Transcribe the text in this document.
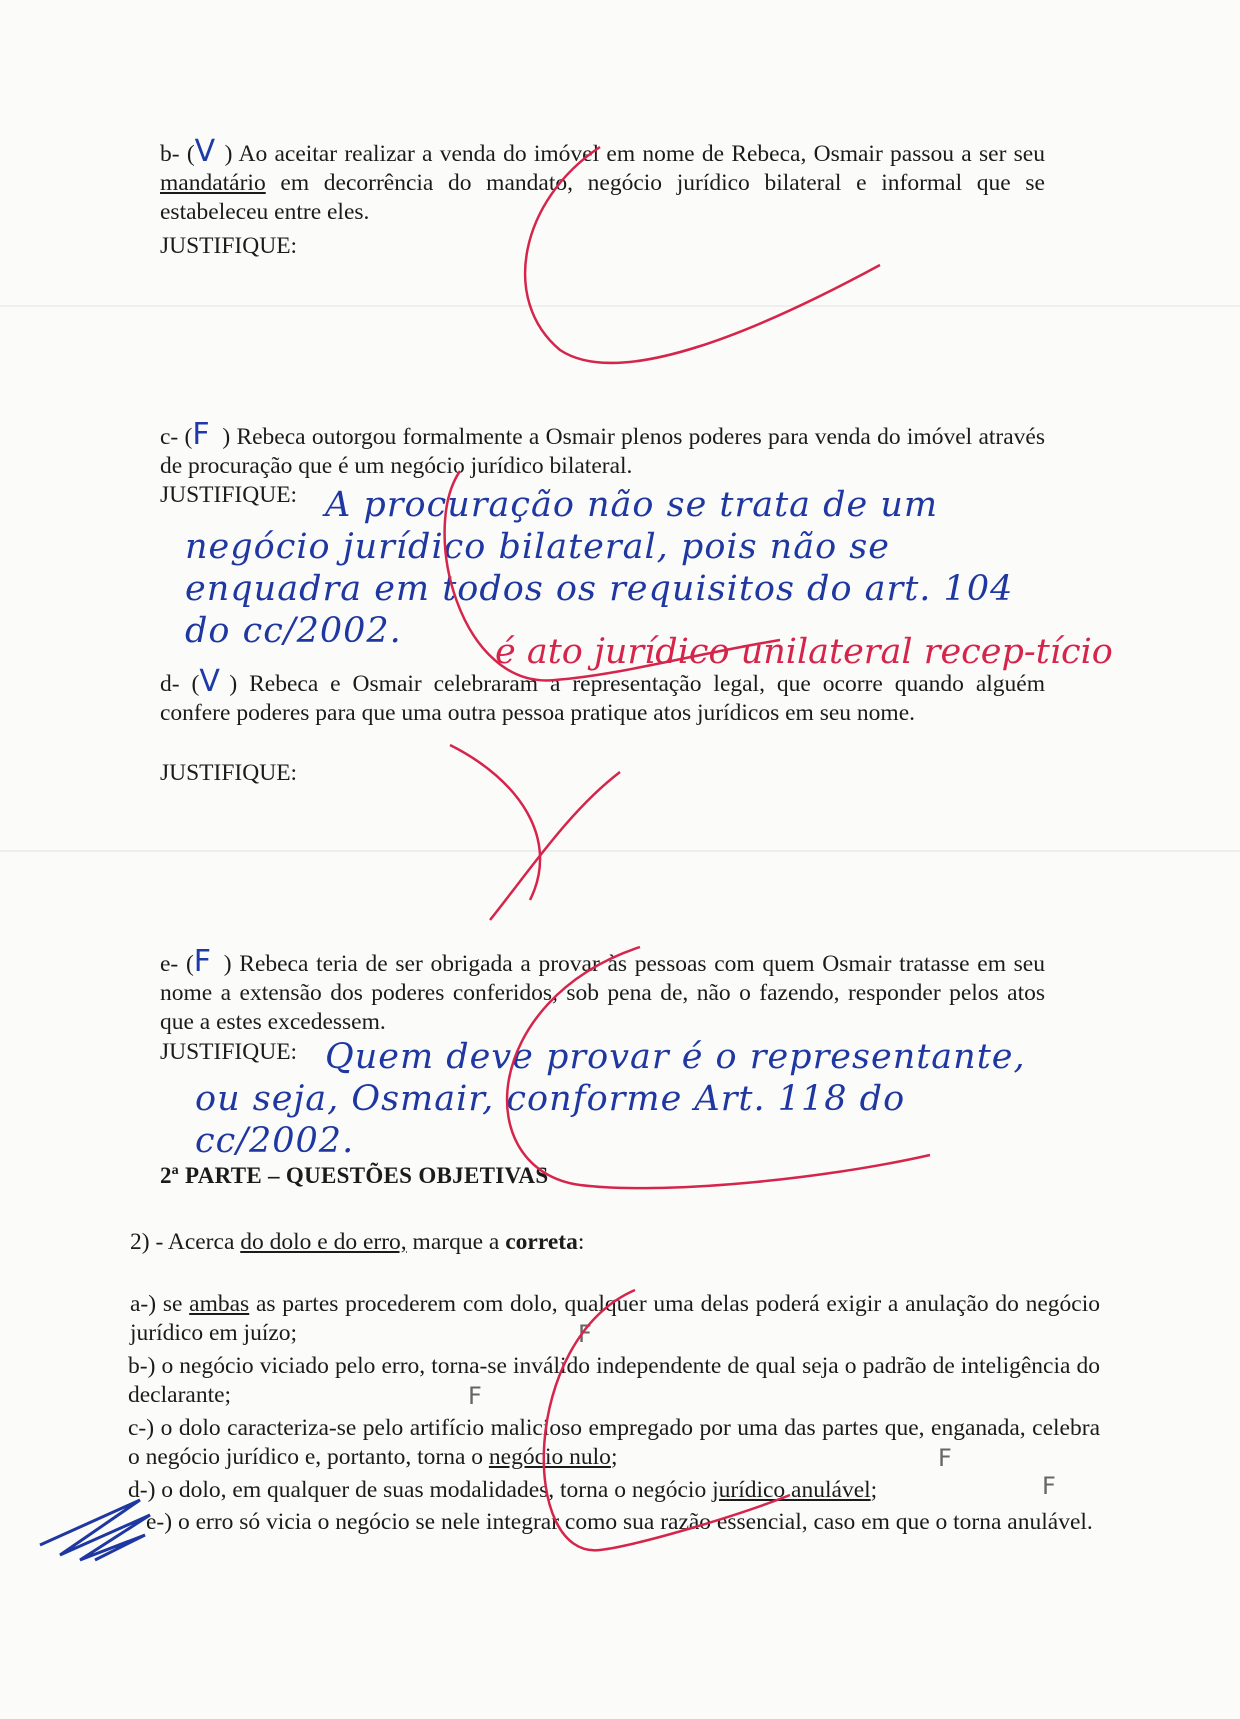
b- (V ) Ao aceitar realizar a venda do imóvel em nome de Rebeca, Osmair passou a ser seu mandatário em decorrência do mandato, negócio jurídico bilateral e informal que se estabeleceu entre eles.

JUSTIFIQUE:

c- (F ) Rebeca outorgou formalmente a Osmair plenos poderes para venda do imóvel através de procuração que é um negócio jurídico bilateral.

JUSTIFIQUE: A procuração não se trata de um negócio jurídico bilateral, pois não se enquadra em todos os requisitos do art. 104 do cc/2002.

é ato jurídico unilateral recep-tício

d- (V ) Rebeca e Osmair celebraram a representação legal, que ocorre quando alguém confere poderes para que uma outra pessoa pratique atos jurídicos em seu nome.

JUSTIFIQUE:

e- (F ) Rebeca teria de ser obrigada a provar às pessoas com quem Osmair tratasse em seu nome a extensão dos poderes conferidos, sob pena de, não o fazendo, responder pelos atos que a estes excedessem.

JUSTIFIQUE: Quem deve provar é o representante, ou seja, Osmair, conforme Art. 118 do cc/2002.

2ª PARTE – QUESTÕES OBJETIVAS

2) - Acerca do dolo e do erro, marque a correta:

a-) se ambas as partes procederem com dolo, qualquer uma delas poderá exigir a anulação do negócio jurídico em juízo;	F

b-) o negócio viciado pelo erro, torna-se inválido independente de qual seja o padrão de inteligência do declarante;	F

c-) o dolo caracteriza-se pelo artifício malicioso empregado por uma das partes que, enganada, celebra o negócio jurídico e, portanto, torna o negócio nulo;	F

d-) o dolo, em qualquer de suas modalidades, torna o negócio jurídico anulável;	F

e-) o erro só vicia o negócio se nele integrar como sua razão essencial, caso em que o torna anulável.
